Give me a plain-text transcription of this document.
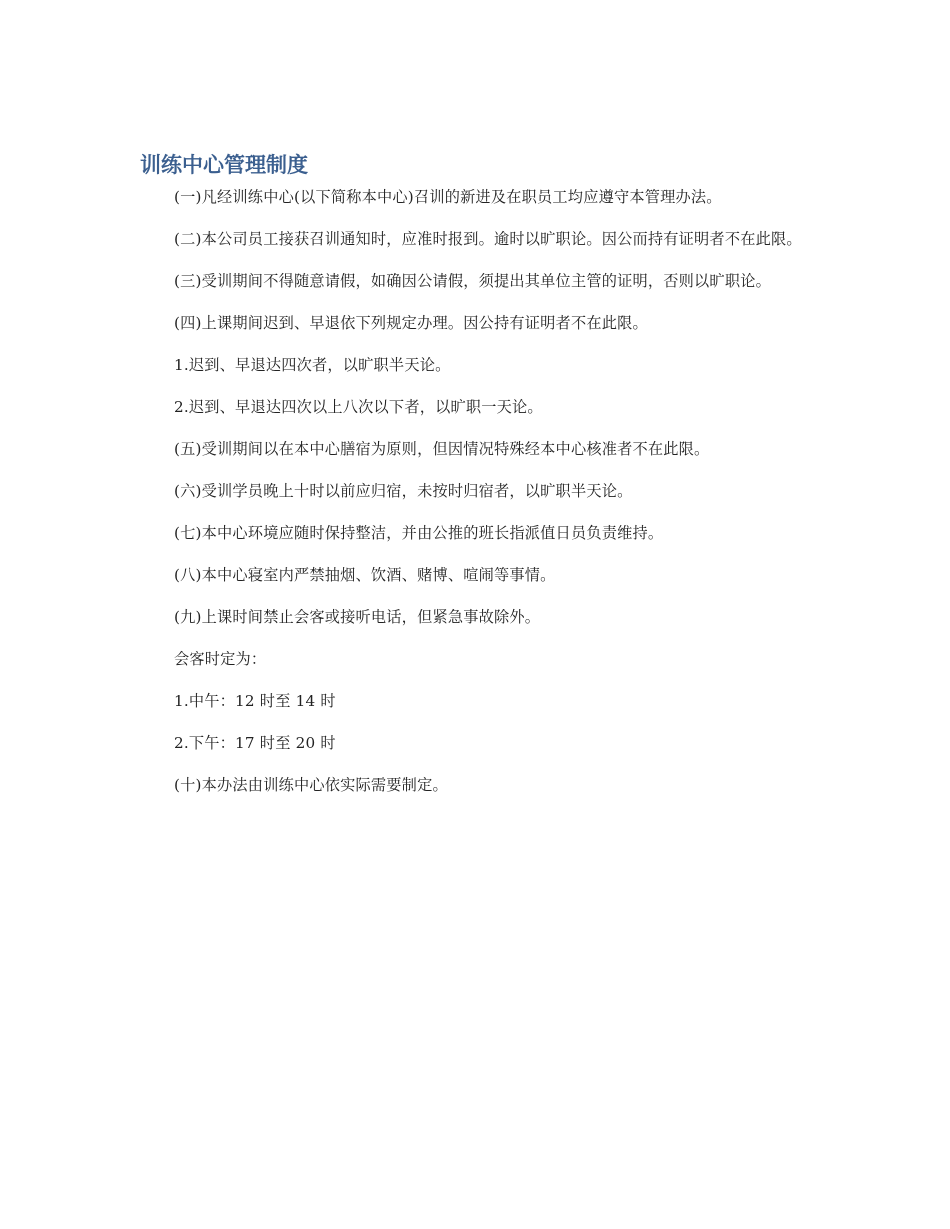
训练中心管理制度

(一)凡经训练中心(以下简称本中心)召训的新进及在职员工均应遵守本管理办法。

(二)本公司员工接获召训通知时，应准时报到。逾时以旷职论。因公而持有证明者不在此限。

(三)受训期间不得随意请假，如确因公请假，须提出其单位主管的证明，否则以旷职论。

(四)上课期间迟到、早退依下列规定办理。因公持有证明者不在此限。

1.迟到、早退达四次者，以旷职半天论。

2.迟到、早退达四次以上八次以下者，以旷职一天论。

(五)受训期间以在本中心膳宿为原则，但因情况特殊经本中心核准者不在此限。

(六)受训学员晚上十时以前应归宿，未按时归宿者，以旷职半天论。

(七)本中心环境应随时保持整洁，并由公推的班长指派值日员负责维持。

(八)本中心寝室内严禁抽烟、饮酒、赌博、喧闹等事情。

(九)上课时间禁止会客或接听电话，但紧急事故除外。

会客时定为：

1.中午：12 时至 14 时

2.下午：17 时至 20 时

(十)本办法由训练中心依实际需要制定。
